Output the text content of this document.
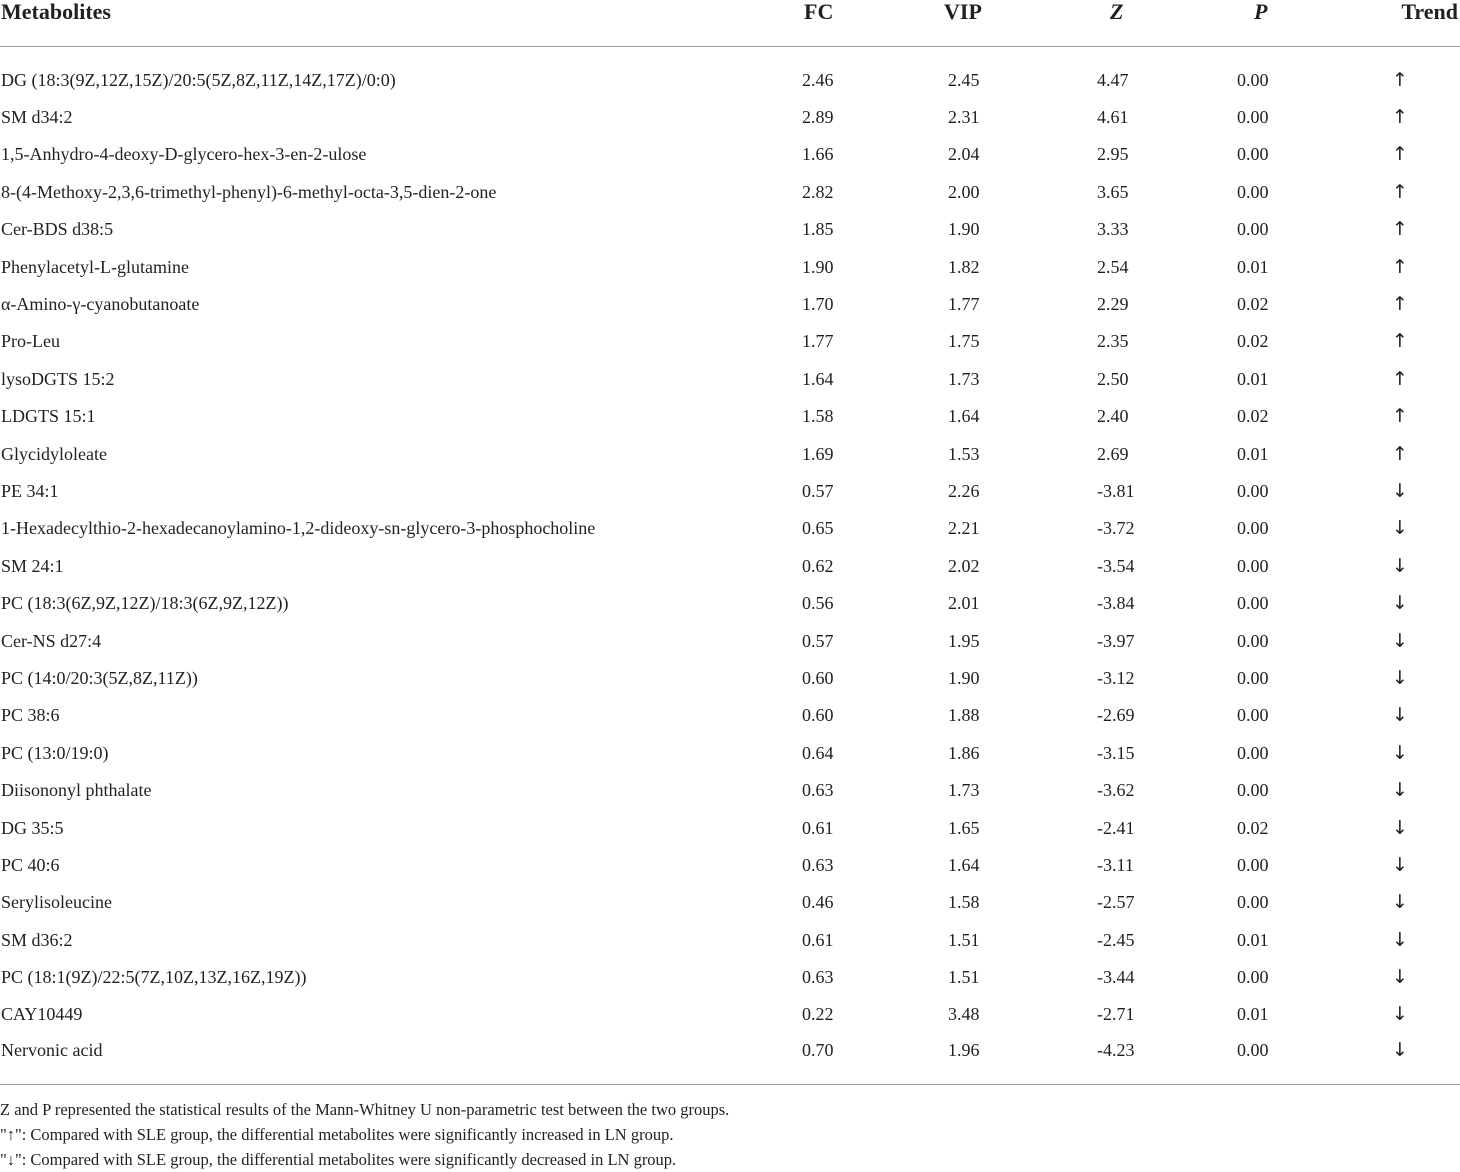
Metabolites	FC	VIP	Z	P	Trend

DG (18:3(9Z,12Z,15Z)/20:5(5Z,8Z,11Z,14Z,17Z)/0:0)	2.46	2.45	4.47	0.00	↑
SM d34:2	2.89	2.31	4.61	0.00	↑
1,5-Anhydro-4-deoxy-D-glycero-hex-3-en-2-ulose	1.66	2.04	2.95	0.00	↑
8-(4-Methoxy-2,3,6-trimethyl-phenyl)-6-methyl-octa-3,5-dien-2-one	2.82	2.00	3.65	0.00	↑
Cer-BDS d38:5	1.85	1.90	3.33	0.00	↑
Phenylacetyl-L-glutamine	1.90	1.82	2.54	0.01	↑
α-Amino-γ-cyanobutanoate	1.70	1.77	2.29	0.02	↑
Pro-Leu	1.77	1.75	2.35	0.02	↑
lysoDGTS 15:2	1.64	1.73	2.50	0.01	↑
LDGTS 15:1	1.58	1.64	2.40	0.02	↑
Glycidyloleate	1.69	1.53	2.69	0.01	↑
PE 34:1	0.57	2.26	-3.81	0.00	↓
1-Hexadecylthio-2-hexadecanoylamino-1,2-dideoxy-sn-glycero-3-phosphocholine	0.65	2.21	-3.72	0.00	↓
SM 24:1	0.62	2.02	-3.54	0.00	↓
PC (18:3(6Z,9Z,12Z)/18:3(6Z,9Z,12Z))	0.56	2.01	-3.84	0.00	↓
Cer-NS d27:4	0.57	1.95	-3.97	0.00	↓
PC (14:0/20:3(5Z,8Z,11Z))	0.60	1.90	-3.12	0.00	↓
PC 38:6	0.60	1.88	-2.69	0.00	↓
PC (13:0/19:0)	0.64	1.86	-3.15	0.00	↓
Diisononyl phthalate	0.63	1.73	-3.62	0.00	↓
DG 35:5	0.61	1.65	-2.41	0.02	↓
PC 40:6	0.63	1.64	-3.11	0.00	↓
Serylisoleucine	0.46	1.58	-2.57	0.00	↓
SM d36:2	0.61	1.51	-2.45	0.01	↓
PC (18:1(9Z)/22:5(7Z,10Z,13Z,16Z,19Z))	0.63	1.51	-3.44	0.00	↓
CAY10449	0.22	3.48	-2.71	0.01	↓
Nervonic acid	0.70	1.96	-4.23	0.00	↓
Z and P represented the statistical results of the Mann-Whitney U non-parametric test between the two groups.
"↑": Compared with SLE group, the differential metabolites were significantly increased in LN group.
"↓": Compared with SLE group, the differential metabolites were significantly decreased in LN group.
